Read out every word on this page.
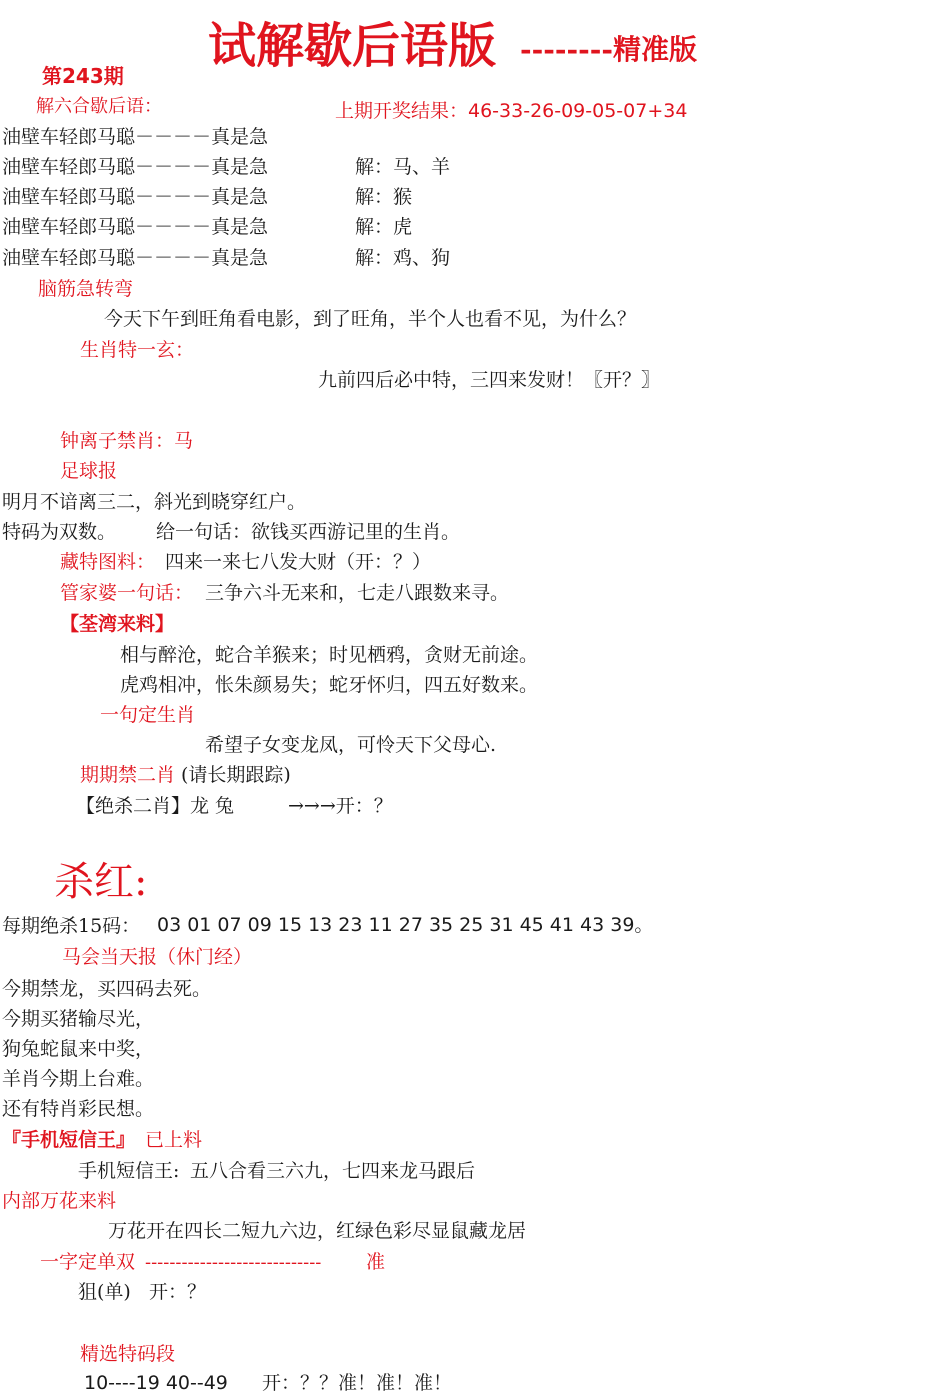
试解歇后语版 --------精准版
第243期
上期开奖结果：46-33-26-09-05-07+34
解六合歇后语：
油壁车轻郎马聪－－－－真是急
油壁车轻郎马聪－－－－真是急	解：马、羊
油壁车轻郎马聪－－－－真是急	解：猴
油壁车轻郎马聪－－－－真是急	解：虎
油壁车轻郎马聪－－－－真是急	解：鸡、狗
脑筋急转弯
今天下午到旺角看电影，到了旺角，半个人也看不见，为什么？
生肖特一玄：
九前四后必中特，三四来发财！〖开？〗
钟离子禁肖：马
足球报
明月不谙离三二，斜光到晓穿红户。
特码为双数。 给一句话：欲钱买西游记里的生肖。
藏特图料： 四来一来七八发大财（开：？）
管家婆一句话： 三争六斗无来和，七走八跟数来寻。
【荃湾来料】
相与醉沧，蛇合羊猴来；时见栖鸦，贪财无前途。
虎鸡相冲，怅朱颜易失；蛇牙怀归，四五好数来。
一句定生肖
希望子女变龙凤，可怜天下父母心.
期期禁二肖 (请长期跟踪)
【绝杀二肖】龙 兔	→→→开：？
杀红:
每期绝杀15码： 03 01 07 09 15 13 23 11 27 35 25 31 45 41 43 39。
马会当天报（休门经）
今期禁龙，买四码去死。
今期买猪输尽光，
狗兔蛇鼠来中奖，
羊肖今期上台难。
还有特肖彩民想。
『手机短信王』 已上料
手机短信王: 五八合看三六九，七四来龙马跟后
内部万花来料
万花开在四长二短九六边，红绿色彩尽显鼠藏龙居
一字定单双 ----------------------------- 准
狙(单)   开：？
精选特码段
10----19 40--49 开：？？准！准！准！
